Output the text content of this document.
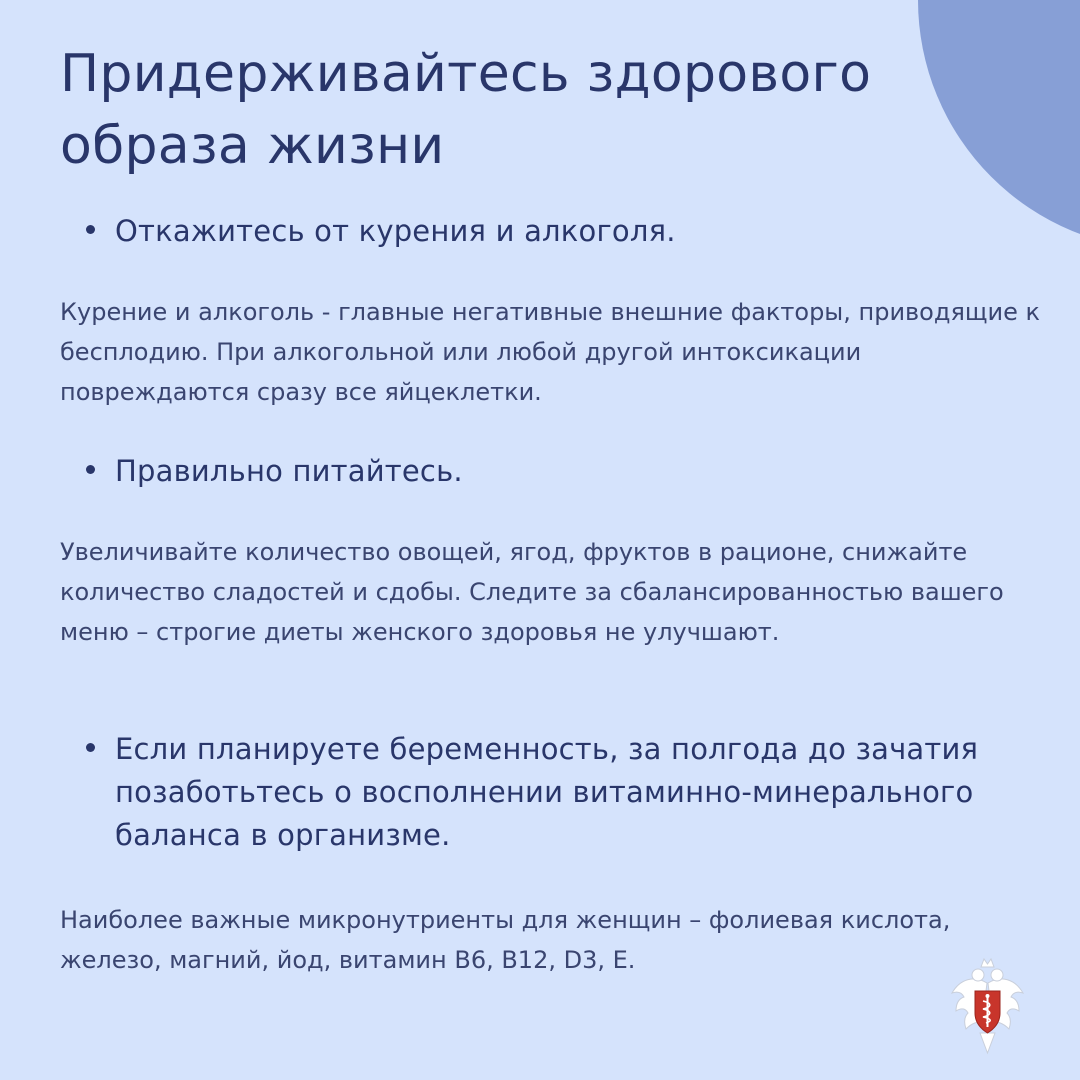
Придерживайтесь здорового образа жизни
Откажитесь от курения и алкоголя.

Курение и алкоголь - главные негативные внешние факторы, приводящие к бесплодию. При алкогольной или любой другой интоксикации повреждаются сразу все яйцеклетки.

Правильно питайтесь.

Увеличивайте количество овощей, ягод, фруктов в рационе, снижайте количество сладостей и сдобы. Следите за сбалансированностью вашего меню – строгие диеты женского здоровья не улучшают.

Если планируете беременность, за полгода до зачатия позаботьтесь о восполнении витаминно-минерального баланса в организме.

Наиболее важные микронутриенты для женщин – фолиевая кислота, железо, магний, йод, витамин B6, B12, D3, E.
